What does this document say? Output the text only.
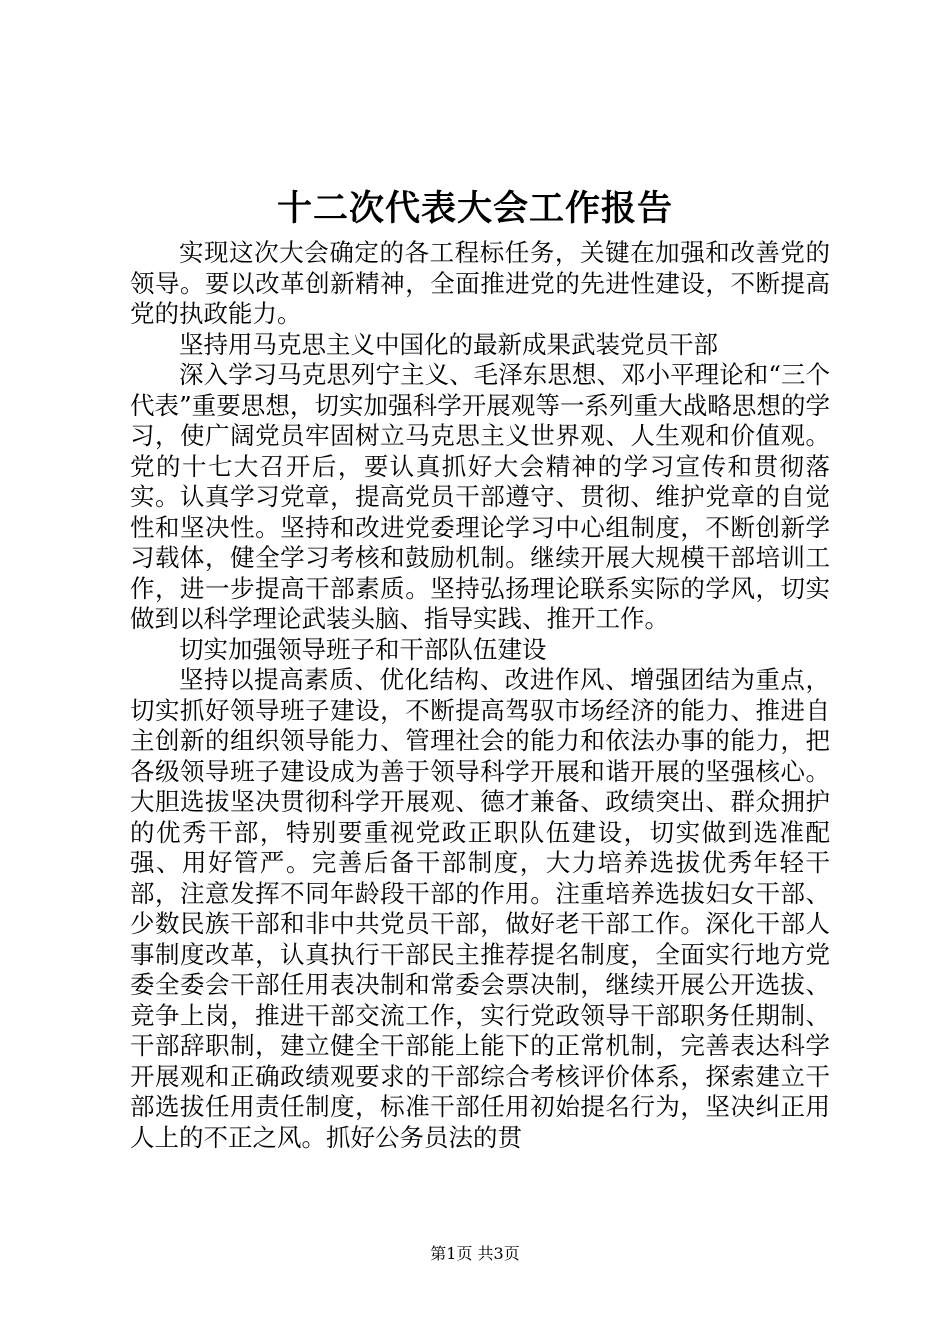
十二次代表大会工作报告

实现这次大会确定的各工程标任务，关键在加强和改善党的领导。要以改革创新精神，全面推进党的先进性建设，不断提高党的执政能力。

坚持用马克思主义中国化的最新成果武装党员干部

深入学习马克思列宁主义、毛泽东思想、邓小平理论和“三个代表”重要思想，切实加强科学开展观等一系列重大战略思想的学习，使广阔党员牢固树立马克思主义世界观、人生观和价值观。党的十七大召开后，要认真抓好大会精神的学习宣传和贯彻落实。认真学习党章，提高党员干部遵守、贯彻、维护党章的自觉性和坚决性。坚持和改进党委理论学习中心组制度，不断创新学习载体，健全学习考核和鼓励机制。继续开展大规模干部培训工作，进一步提高干部素质。坚持弘扬理论联系实际的学风，切实做到以科学理论武装头脑、指导实践、推开工作。

切实加强领导班子和干部队伍建设

坚持以提高素质、优化结构、改进作风、增强团结为重点，切实抓好领导班子建设，不断提高驾驭市场经济的能力、推进自主创新的组织领导能力、管理社会的能力和依法办事的能力，把各级领导班子建设成为善于领导科学开展和谐开展的坚强核心。大胆选拔坚决贯彻科学开展观、德才兼备、政绩突出、群众拥护的优秀干部，特别要重视党政正职队伍建设，切实做到选准配强、用好管严。完善后备干部制度，大力培养选拔优秀年轻干部，注意发挥不同年龄段干部的作用。注重培养选拔妇女干部、少数民族干部和非中共党员干部，做好老干部工作。深化干部人事制度改革，认真执行干部民主推荐提名制度，全面实行地方党委全委会干部任用表决制和常委会票决制，继续开展公开选拔、竞争上岗，推进干部交流工作，实行党政领导干部职务任期制、干部辞职制，建立健全干部能上能下的正常机制，完善表达科学开展观和正确政绩观要求的干部综合考核评价体系，探索建立干部选拔任用责任制度，标准干部任用初始提名行为，坚决纠正用人上的不正之风。抓好公务员法的贯

第1页 共3页
